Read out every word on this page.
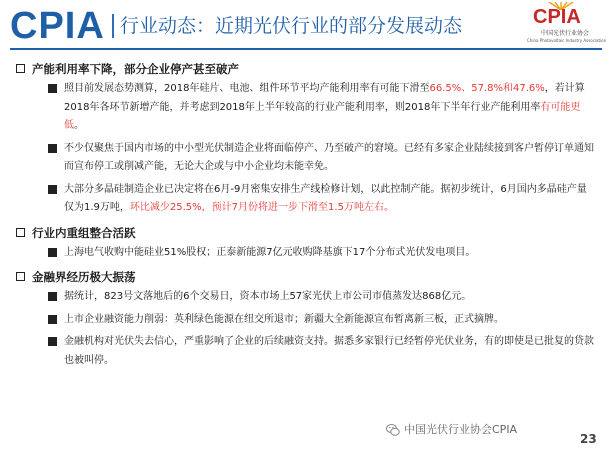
CPIA 行业动态：近期光伏行业的部分发展动态	CPIA
中国光伏行业协会
China Photovoltaic Industry Association
产能利用率下降，部分企业停产甚至破产
照目前发展态势测算，2018年硅片、电池、组件环节平均产能利用率有可能下滑至66.5%、57.8%和47.6%，若计算2018年各环节新增产能，并考虑到2018年上半年较高的行业产能利用率，则2018年下半年行业产能利用率有可能更低。
不少仅聚焦于国内市场的中小型光伏制造企业将面临停产、乃至破产的窘境。已经有多家企业陆续接到客户暂停订单通知而宣布停工或削减产能，无论大企或与中小企业均未能幸免。
大部分多晶硅制造企业已决定将在6月-9月密集安排生产线检修计划，以此控制产能。据初步统计，6月国内多晶硅产量仅为1.9万吨，环比减少25.5%，预计7月份将进一步下滑至1.5万吨左右。
行业内重组整合活跃
上海电气收购中能硅业51%股权；正泰新能源7亿元收购降基旗下17个分布式光伏发电项目。
金融界经历极大振荡
据统计，823号文落地后的6个交易日，资本市场上57家光伏上市公司市值蒸发达868亿元。
上市企业融资能力削弱：英利绿色能源在纽交所退市；新疆大全新能源宣布暂离新三板，正式摘牌。
金融机构对光伏失去信心，严重影响了企业的后续融资支持。据悉多家银行已经暂停光伏业务，有的即使是已批复的贷款也被叫停。
中国光伏行业协会CPIA
23
